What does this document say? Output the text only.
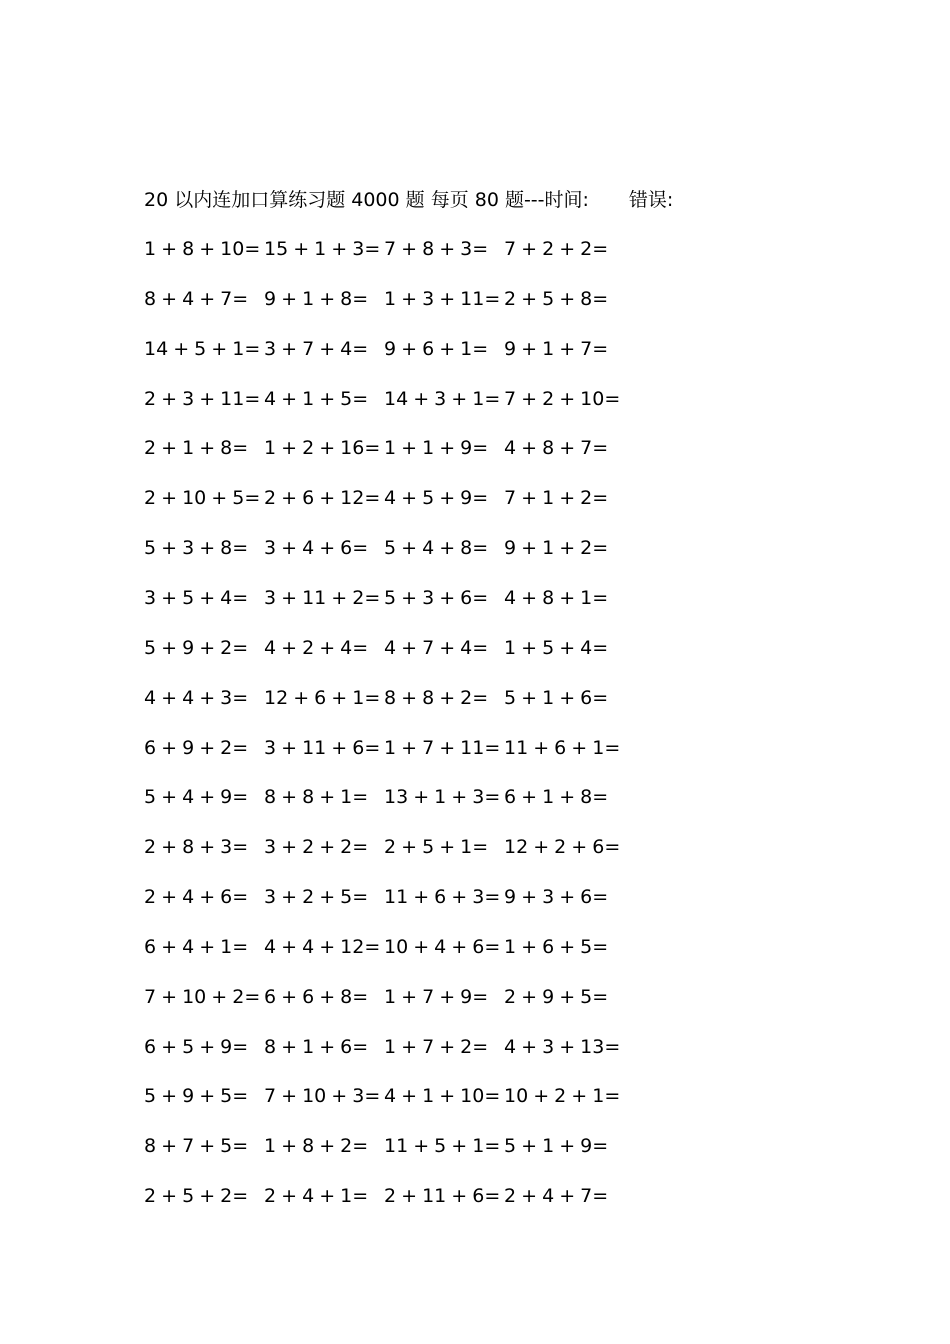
20 以内连加口算练习题 4000 题 每页 80 题---时间: 错误:
1 + 8 + 10= 15 + 1 + 3= 7 + 8 + 3= 7 + 2 + 2=
8 + 4 + 7= 9 + 1 + 8= 1 + 3 + 11= 2 + 5 + 8=
14 + 5 + 1= 3 + 7 + 4= 9 + 6 + 1= 9 + 1 + 7=
2 + 3 + 11= 4 + 1 + 5= 14 + 3 + 1= 7 + 2 + 10=
2 + 1 + 8= 1 + 2 + 16= 1 + 1 + 9= 4 + 8 + 7=
2 + 10 + 5= 2 + 6 + 12= 4 + 5 + 9= 7 + 1 + 2=
5 + 3 + 8= 3 + 4 + 6= 5 + 4 + 8= 9 + 1 + 2=
3 + 5 + 4= 3 + 11 + 2= 5 + 3 + 6= 4 + 8 + 1=
5 + 9 + 2= 4 + 2 + 4= 4 + 7 + 4= 1 + 5 + 4=
4 + 4 + 3= 12 + 6 + 1= 8 + 8 + 2= 5 + 1 + 6=
6 + 9 + 2= 3 + 11 + 6= 1 + 7 + 11= 11 + 6 + 1=
5 + 4 + 9= 8 + 8 + 1= 13 + 1 + 3= 6 + 1 + 8=
2 + 8 + 3= 3 + 2 + 2= 2 + 5 + 1= 12 + 2 + 6=
2 + 4 + 6= 3 + 2 + 5= 11 + 6 + 3= 9 + 3 + 6=
6 + 4 + 1= 4 + 4 + 12= 10 + 4 + 6= 1 + 6 + 5=
7 + 10 + 2= 6 + 6 + 8= 1 + 7 + 9= 2 + 9 + 5=
6 + 5 + 9= 8 + 1 + 6= 1 + 7 + 2= 4 + 3 + 13=
5 + 9 + 5= 7 + 10 + 3= 4 + 1 + 10= 10 + 2 + 1=
8 + 7 + 5= 1 + 8 + 2= 11 + 5 + 1= 5 + 1 + 9=
2 + 5 + 2= 2 + 4 + 1= 2 + 11 + 6= 2 + 4 + 7=
